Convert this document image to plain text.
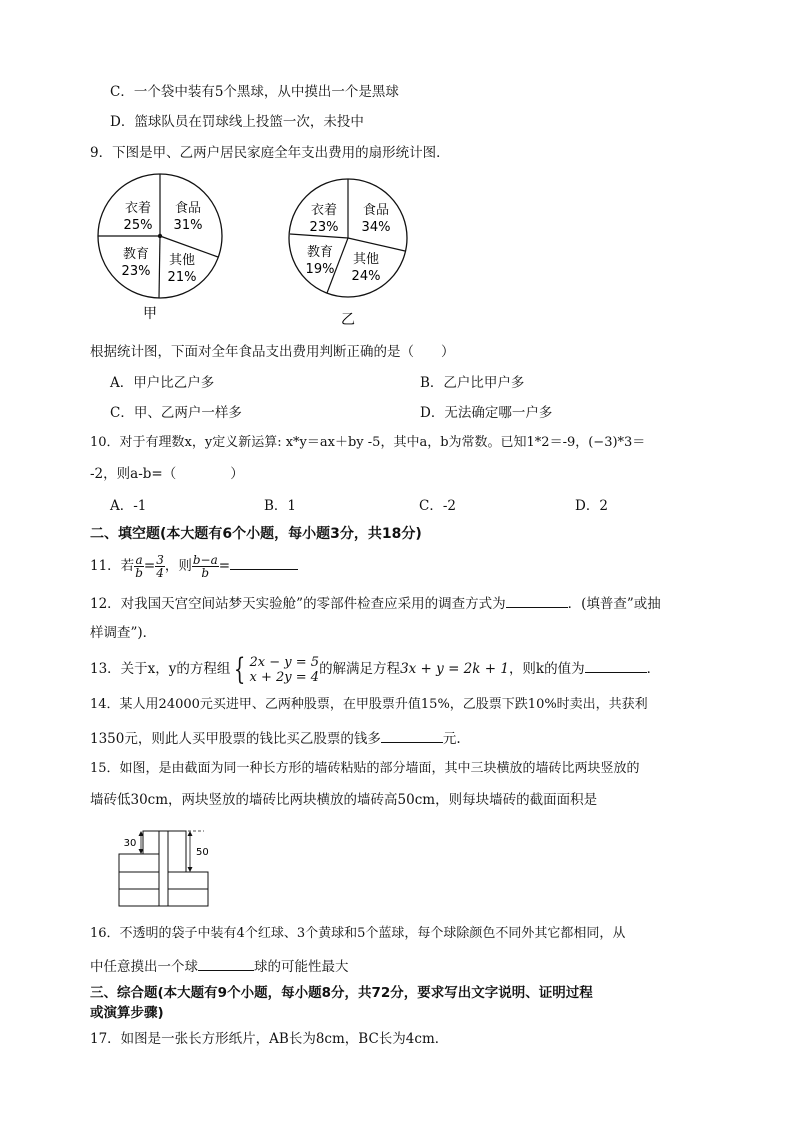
C．一个袋中装有5个黑球，从中摸出一个是黑球
D．篮球队员在罚球线上投篮一次，未投中
9．下图是甲、乙两户居民家庭全年支出费用的扇形统计图．
衣着
25%
食品
31%
其他
21%
教育
23%
甲
衣着
23%
食品
34%
其他
24%
教育
19%
乙
根据统计图，下面对全年食品支出费用判断正确的是（　　）
A．甲户比乙户多	B．乙户比甲户多
C．甲、乙两户一样多	D．无法确定哪一户多
10．对于有理数x，y定义新运算: x*y＝ax＋by -5，其中a，b为常数。已知1*2＝-9，(−3)*3＝
-2，则a-b=（　　　　）
A．-1	B．1	C．-2	D．2
二、填空题(本大题有6个小题，每小题3分，共18分)
11．若 $\frac{a}{b} = \frac{3}{4}$ ，则 $\frac{b-a}{b}$ =
12．对我国天宫空间站梦天实验舱”的零部件检查应采用的调查方式为	．(填普查”或抽
样调查”)．
13．关于x，y的方程组 { 2x − y = 5
x + 2y = 4 的解满足方程3x + y = 2k + 1，则k的值为	．
14．某人用24000元买进甲、乙两种股票，在甲股票升值15%，乙股票下跌10%时卖出，共获利
1350元，则此人买甲股票的钱比买乙股票的钱多	元.
15．如图，是由截面为同一种长方形的墙砖粘贴的部分墙面，其中三块横放的墙砖比两块竖放的
墙砖低30cm，两块竖放的墙砖比两块横放的墙砖高50cm，则每块墙砖的截面面积是
30
50
16．不透明的袋子中装有4个红球、3个黄球和5个蓝球，每个球除颜色不同外其它都相同，从
中任意摸出一个球	球的可能性最大
三、综合题(本大题有9个小题，每小题8分，共72分，要求写出文字说明、证明过程
或演算步骤)
17．如图是一张长方形纸片，AB长为8cm，BC长为4cm．
